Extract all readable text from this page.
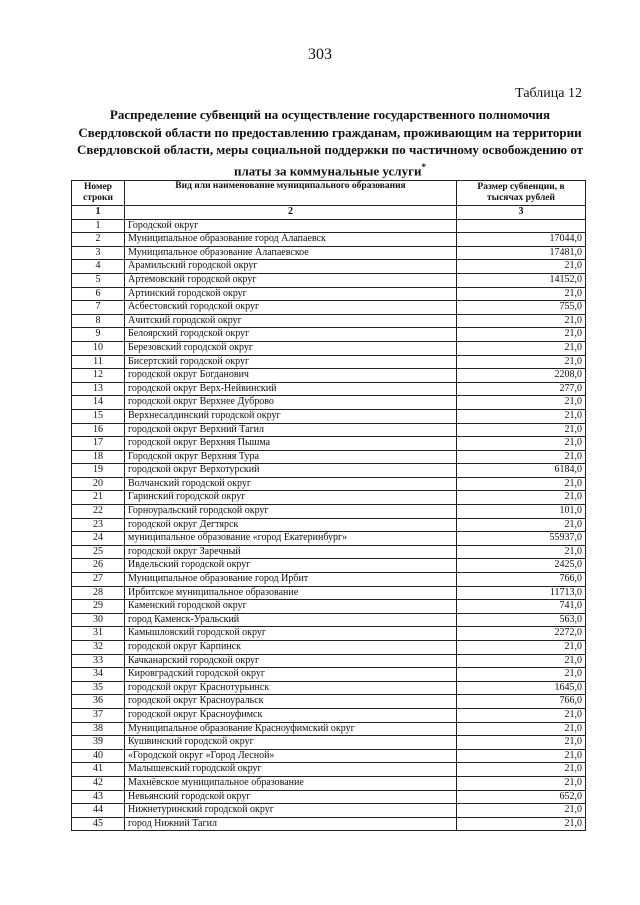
303
Таблица 12
Распределение субвенций на осуществление государственного полномочия Свердловской области по предоставлению гражданам, проживающим на территории Свердловской области, меры социальной поддержки по частичному освобождению от платы за коммунальные услуги*
Номер строки	Вид или наименование муниципального образования	Размер субвенции, в тысячах рублей
1	2	3
1	Городской округ	
2	Муниципальное образование город Алапаевск	17044,0
3	Муниципальное образование Алапаевское	17481,0
4	Арамильский городской округ	21,0
5	Артемовский городской округ	14152,0
6	Артинский городской округ	21,0
7	Асбестовский городской округ	755,0
8	Ачитский городской округ	21,0
9	Белоярский городской округ	21,0
10	Березовский городской округ	21,0
11	Бисертский городской округ	21,0
12	городской округ Богданович	2208,0
13	городской округ Верх-Нейвинский	277,0
14	городской округ Верхнее Дуброво	21,0
15	Верхнесалдинский городской округ	21,0
16	городской округ Верхний Тагил	21,0
17	городской округ Верхняя Пышма	21,0
18	Городской округ Верхняя Тура	21,0
19	городской округ Верхотурский	6184,0
20	Волчанский городской округ	21,0
21	Гаринский городской округ	21,0
22	Горноуральский городской округ	101,0
23	городской округ Дегтярск	21,0
24	муниципальное образование «город Екатеринбург»	55937,0
25	городской округ Заречный	21,0
26	Ивдельский городской округ	2425,0
27	Муниципальное образование город Ирбит	766,0
28	Ирбитское муниципальное образование	11713,0
29	Каменский городской округ	741,0
30	город Каменск-Уральский	563,0
31	Камышловский городской округ	2272,0
32	городской округ Карпинск	21,0
33	Качканарский городской округ	21,0
34	Кировградский городской округ	21,0
35	городской округ Краснотурьинск	1645,0
36	городской округ Красноуральск	766,0
37	городской округ Красноуфимск	21,0
38	Муниципальное образование Красноуфимский округ	21,0
39	Кушвинский городской округ	21,0
40	«Городской округ «Город Лесной»	21,0
41	Малышевский городской округ	21,0
42	Махнёвское муниципальное образование	21,0
43	Невьянский городской округ	652,0
44	Нижнетуринский городской округ	21,0
45	город Нижний Тагил	21,0
